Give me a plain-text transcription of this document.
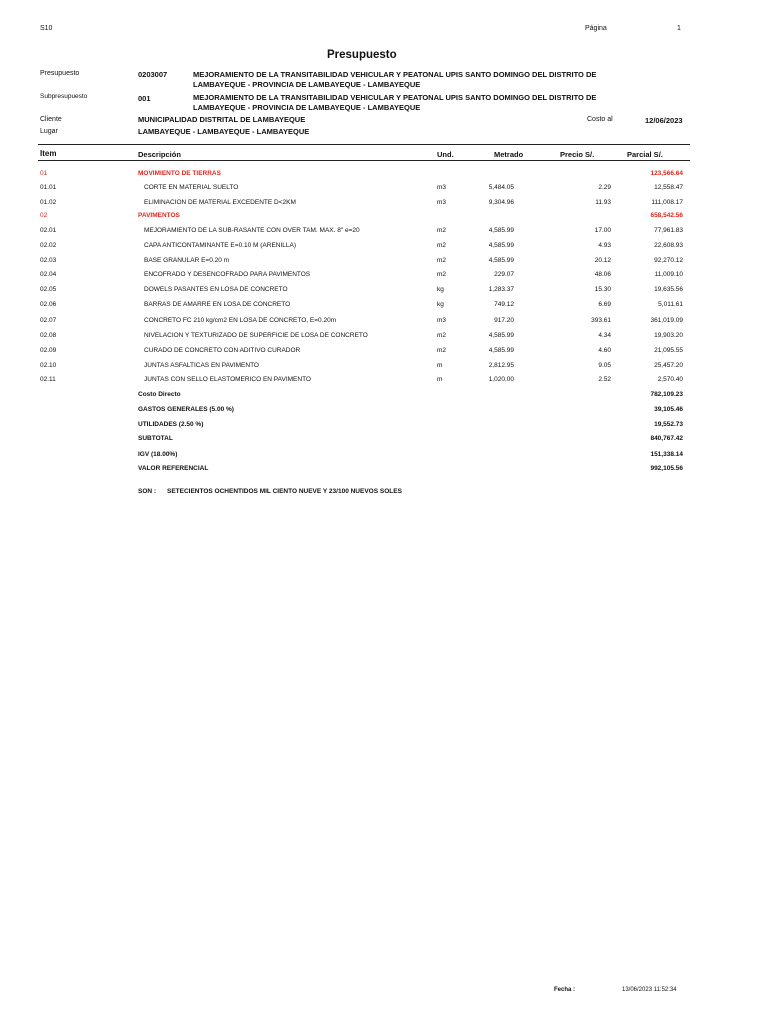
S10	Página	1
Presupuesto
Presupuesto	0203007	MEJORAMIENTO DE LA TRANSITABILIDAD VEHICULAR Y PEATONAL UPIS SANTO DOMINGO DEL DISTRITO DE
LAMBAYEQUE - PROVINCIA DE LAMBAYEQUE - LAMBAYEQUE
Subpresupuesto	001	MEJORAMIENTO DE LA TRANSITABILIDAD VEHICULAR Y PEATONAL UPIS SANTO DOMINGO DEL DISTRITO DE
LAMBAYEQUE - PROVINCIA DE LAMBAYEQUE - LAMBAYEQUE
Cliente	MUNICIPALIDAD DISTRITAL DE LAMBAYEQUE	Costo al	12/06/2023
Lugar	LAMBAYEQUE - LAMBAYEQUE - LAMBAYEQUE
Item	Descripción	Und.	Metrado	Precio S/.	Parcial S/.
01	MOVIMIENTO DE TIERRAS	123,566.64
01.01	CORTE EN MATERIAL SUELTO	m3	5,484.05	2.29	12,558.47
01.02	ELIMINACION DE MATERIAL EXCEDENTE D<2KM	m3	9,304.96	11.93	111,008.17
02	PAVIMENTOS	658,542.56
02.01	MEJORAMIENTO DE LA SUB-RASANTE CON OVER TAM. MAX. 8" e=20	m2	4,585.99	17.00	77,961.83
02.02	CAPA ANTICONTAMINANTE E=0.10 M (ARENILLA)	m2	4,585.99	4.93	22,608.93
02.03	BASE GRANULAR E=0.20 m	m2	4,585.99	20.12	92,270.12
02.04	ENCOFRADO Y DESENCOFRADO PARA PAVIMENTOS	m2	229.07	48.06	11,009.10
02.05	DOWELS PASANTES EN LOSA DE CONCRETO	kg	1,283.37	15.30	19,635.56
02.06	BARRAS DE AMARRE EN LOSA DE CONCRETO	kg	749.12	6.69	5,011.61
02.07	CONCRETO FC 210 kg/cm2 EN LOSA DE CONCRETO, E=0.20m	m3	917.20	393.61	361,019.09
02.08	NIVELACION Y TEXTURIZADO DE SUPERFICIE DE LOSA DE CONCRETO	m2	4,585.99	4.34	19,903.20
02.09	CURADO DE CONCRETO CON ADITIVO CURADOR	m2	4,585.99	4.60	21,095.55
02.10	JUNTAS ASFALTICAS EN PAVIMENTO	m	2,812.95	9.05	25,457.20
02.11	JUNTAS CON SELLO ELASTOMERICO EN PAVIMENTO	m	1,020.00	2.52	2,570.40
Costo Directo	782,109.23
GASTOS GENERALES (5.00 %)	39,105.46
UTILIDADES (2.50 %)	19,552.73
SUBTOTAL	840,767.42
IGV (18.00%)	151,338.14
VALOR REFERENCIAL	992,105.56
SON : SETECIENTOS OCHENTIDOS MIL CIENTO NUEVE Y 23/100 NUEVOS SOLES
Fecha :	13/06/2023 11:52:34
